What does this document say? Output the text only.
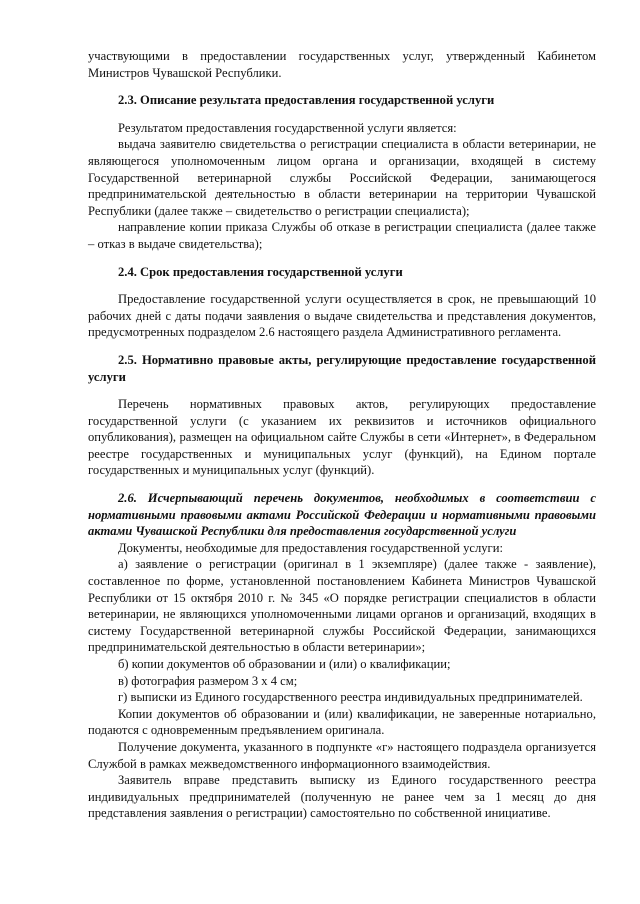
участвующими в предоставлении государственных услуг, утвержденный Кабинетом Министров Чувашской Республики.

2.3. Описание результата предоставления государственной услуги

Результатом предоставления государственной услуги является:

выдача заявителю свидетельства о регистрации специалиста в области ветеринарии, не являющегося уполномоченным лицом органа и организации, входящей в систему Государственной ветеринарной службы Российской Федерации, занимающегося предпринимательской деятельностью в области ветеринарии на территории Чувашской Республики (далее также – свидетельство о регистрации специалиста);

направление копии приказа Службы об отказе в регистрации специалиста (далее также – отказ в выдаче свидетельства);

2.4. Срок предоставления государственной услуги

Предоставление государственной услуги осуществляется в срок, не превышающий 10 рабочих дней с даты подачи заявления о выдаче свидетельства и представления документов, предусмотренных подразделом 2.6 настоящего раздела Административного регламента.

2.5. Нормативно правовые акты, регулирующие предоставление государственной услуги

Перечень нормативных правовых актов, регулирующих предоставление государственной услуги (с указанием их реквизитов и источников официального опубликования), размещен на официальном сайте Службы в сети «Интернет», в Федеральном реестре государственных и муниципальных услуг (функций), на Едином портале государственных и муниципальных услуг (функций).

2.6. Исчерпывающий перечень документов, необходимых в соответствии с нормативными правовыми актами Российской Федерации и нормативными правовыми актами Чувашской Республики для предоставления государственной услуги

Документы, необходимые для предоставления государственной услуги:

а) заявление о регистрации (оригинал в 1 экземпляре) (далее также - заявление), составленное по форме, установленной постановлением Кабинета Министров Чувашской Республики от 15 октября 2010 г. № 345 «О порядке регистрации специалистов в области ветеринарии, не являющихся уполномоченными лицами органов и организаций, входящих в систему Государственной ветеринарной службы Российской Федерации, занимающихся предпринимательской деятельностью в области ветеринарии»;

б) копии документов об образовании и (или) о квалификации;

в) фотография размером 3 х 4 см;

г) выписки из Единого государственного реестра индивидуальных предпринимателей.

Копии документов об образовании и (или) квалификации, не заверенные нотариально, подаются с одновременным предъявлением оригинала.

Получение документа, указанного в подпункте «г» настоящего подраздела организуется Службой в рамках межведомственного информационного взаимодействия.

Заявитель вправе представить выписку из Единого государственного реестра индивидуальных предпринимателей (полученную не ранее чем за 1 месяц до дня представления заявления о регистрации) самостоятельно по собственной инициативе.
